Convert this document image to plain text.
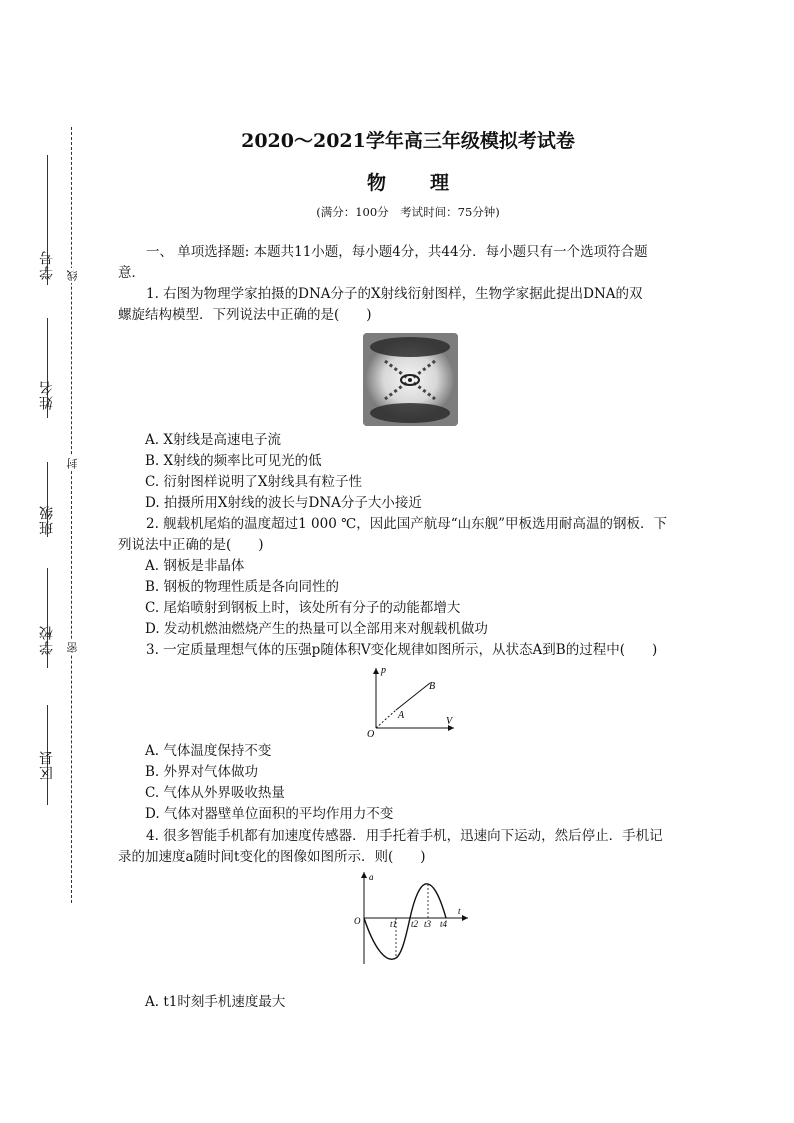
学号
姓名
班级
学校
区县
线
封
密
2020～2021学年高三年级模拟考试卷
物理
(满分：100分　考试时间：75分钟)
一、 单项选择题: 本题共11小题，每小题4分，共44分．每小题只有一个选项符合题
意．
1. 右图为物理学家拍摄的DNA分子的X射线衍射图样，生物学家据此提出DNA的双
螺旋结构模型．下列说法中正确的是(　　)
A. X射线是高速电子流
B. X射线的频率比可见光的低
C. 衍射图样说明了X射线具有粒子性
D. 拍摄所用X射线的波长与DNA分子大小接近
2. 舰载机尾焰的温度超过1 000 ℃，因此国产航母“山东舰”甲板选用耐高温的钢板．下
列说法中正确的是(　　)
A. 钢板是非晶体
B. 钢板的物理性质是各向同性的
C. 尾焰喷射到钢板上时，该处所有分子的动能都增大
D. 发动机燃油燃烧产生的热量可以全部用来对舰载机做功
3. 一定质量理想气体的压强p随体积V变化规律如图所示，从状态A到B的过程中(　　)
p
V
O
A
B
A. 气体温度保持不变
B. 外界对气体做功
C. 气体从外界吸收热量
D. 气体对器壁单位面积的平均作用力不变
4. 很多智能手机都有加速度传感器．用手托着手机，迅速向下运动，然后停止．手机记
录的加速度a随时间t变化的图像如图所示．则(　　)
a
t
O	t1 t2 t3 t4
A. t1时刻手机速度最大
